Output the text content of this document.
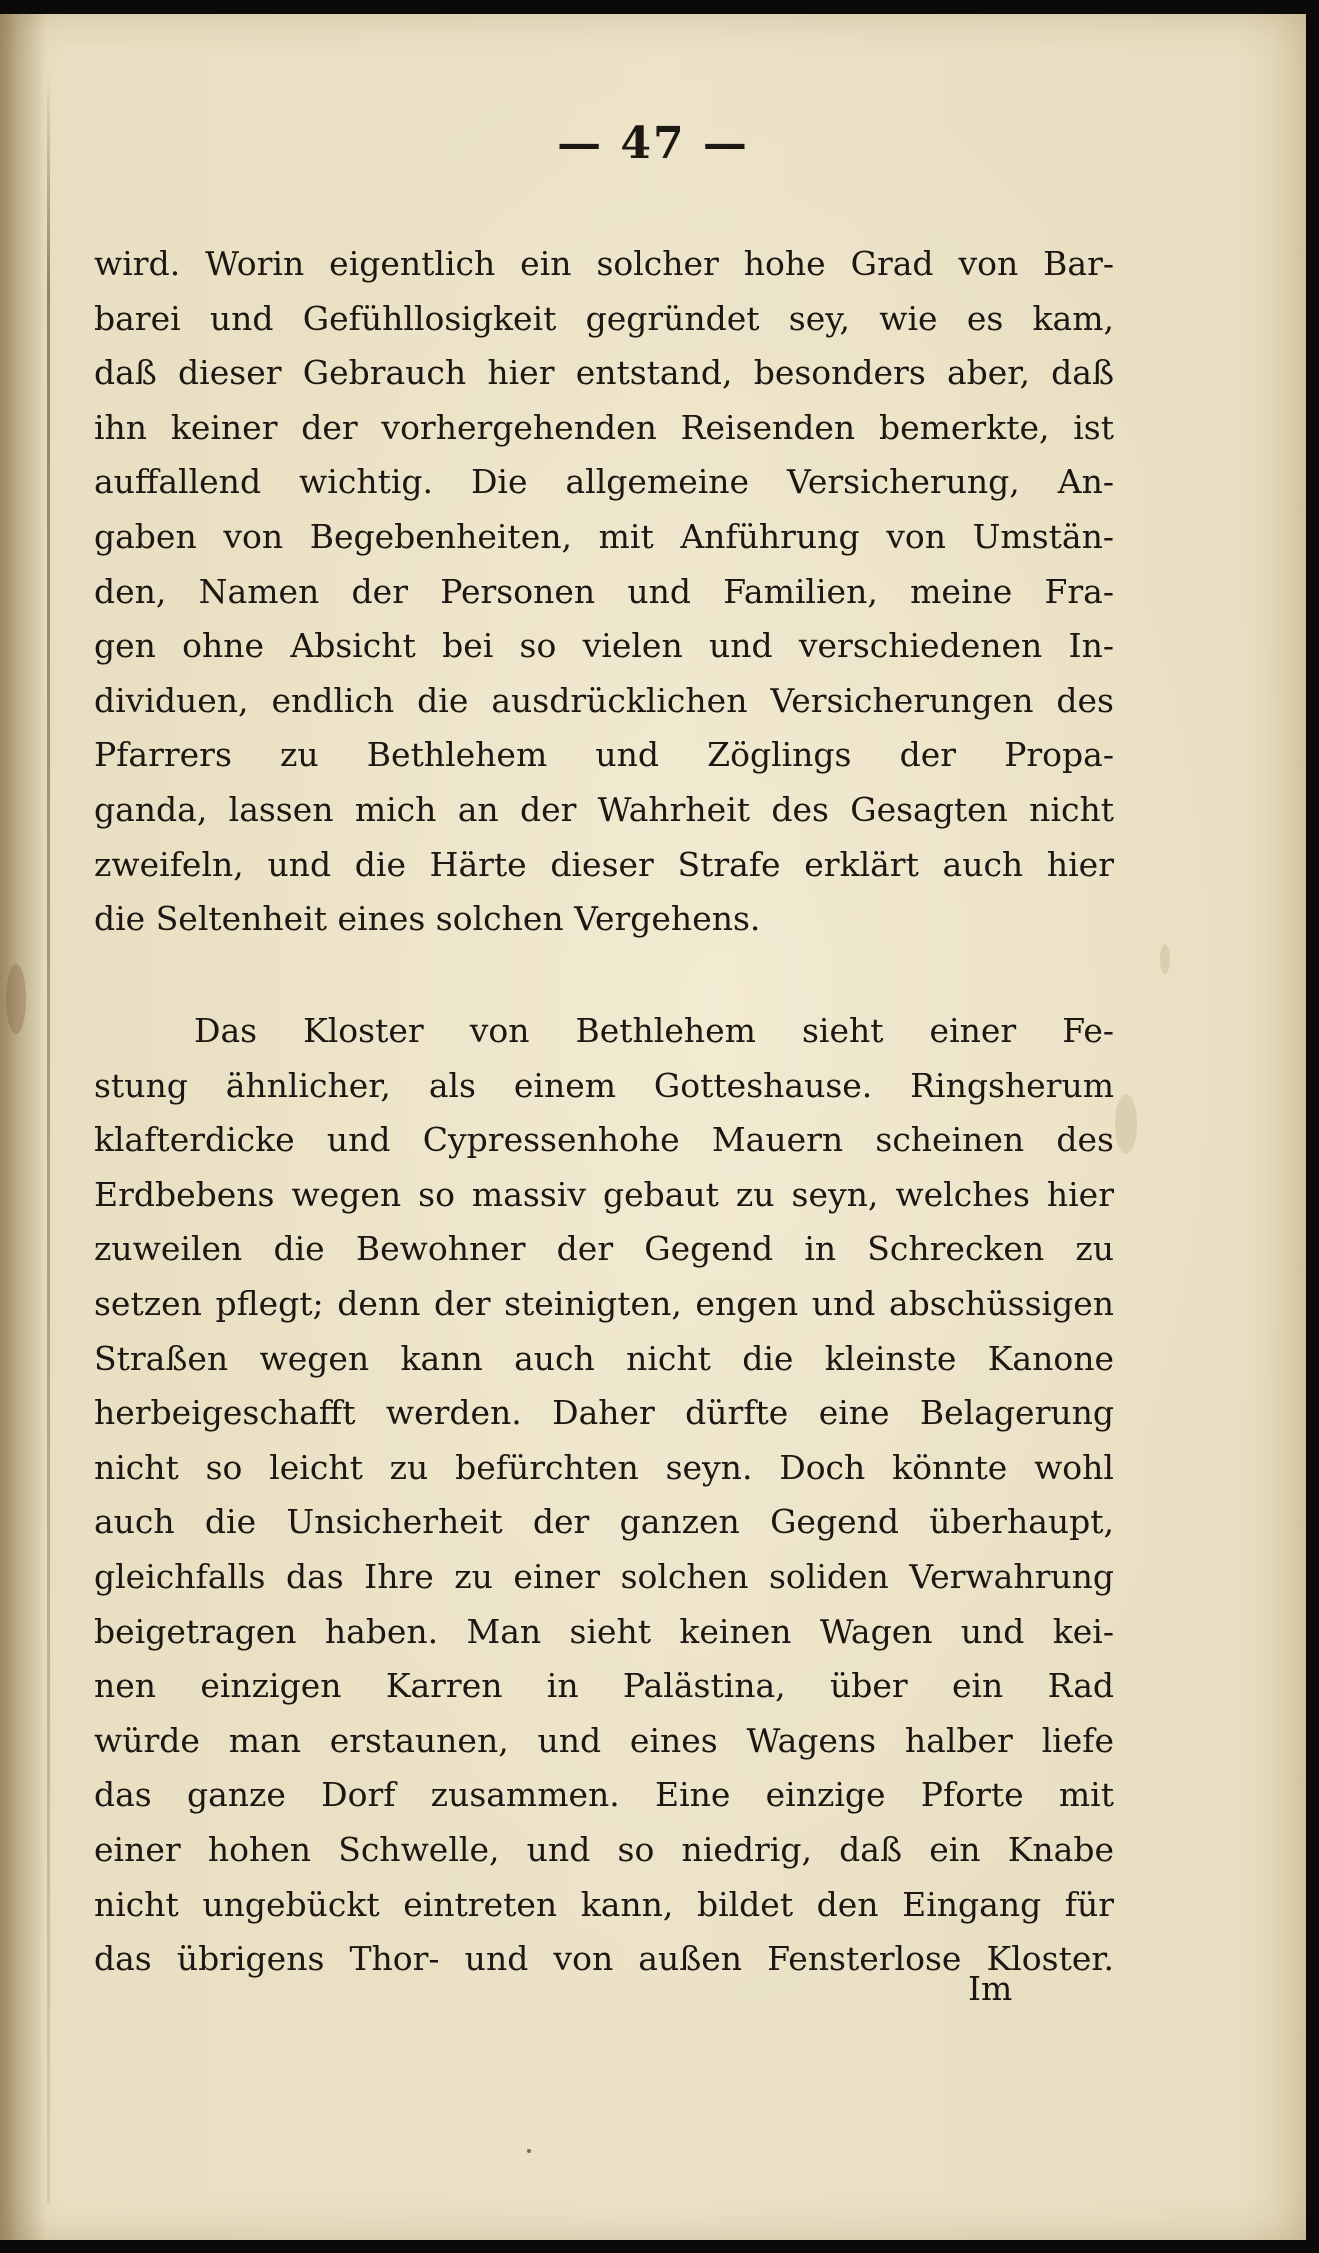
— 47 —
wird. Worin eigentlich ein solcher hohe Grad von Bar-
barei und Gefühllosigkeit gegründet sey, wie es kam,
daß dieser Gebrauch hier entstand, besonders aber, daß
ihn keiner der vorhergehenden Reisenden bemerkte, ist
auffallend wichtig. Die allgemeine Versicherung, An-
gaben von Begebenheiten, mit Anführung von Umstän-
den, Namen der Personen und Familien, meine Fra-
gen ohne Absicht bei so vielen und verschiedenen In-
dividuen, endlich die ausdrücklichen Versicherungen des
Pfarrers zu Bethlehem und Zöglings der Propa-
ganda, lassen mich an der Wahrheit des Gesagten nicht
zweifeln, und die Härte dieser Strafe erklärt auch hier
die Seltenheit eines solchen Vergehens.
Das Kloster von Bethlehem sieht einer Fe-
stung ähnlicher, als einem Gotteshause. Ringsherum
klafterdicke und Cypressenhohe Mauern scheinen des
Erdbebens wegen so massiv gebaut zu seyn, welches hier
zuweilen die Bewohner der Gegend in Schrecken zu
setzen pflegt; denn der steinigten, engen und abschüssigen
Straßen wegen kann auch nicht die kleinste Kanone
herbeigeschafft werden. Daher dürfte eine Belagerung
nicht so leicht zu befürchten seyn. Doch könnte wohl
auch die Unsicherheit der ganzen Gegend überhaupt,
gleichfalls das Ihre zu einer solchen soliden Verwahrung
beigetragen haben. Man sieht keinen Wagen und kei-
nen einzigen Karren in Palästina, über ein Rad
würde man erstaunen, und eines Wagens halber liefe
das ganze Dorf zusammen. Eine einzige Pforte mit
einer hohen Schwelle, und so niedrig, daß ein Knabe
nicht ungebückt eintreten kann, bildet den Eingang für
das übrigens Thor- und von außen Fensterlose Kloster.
Im
